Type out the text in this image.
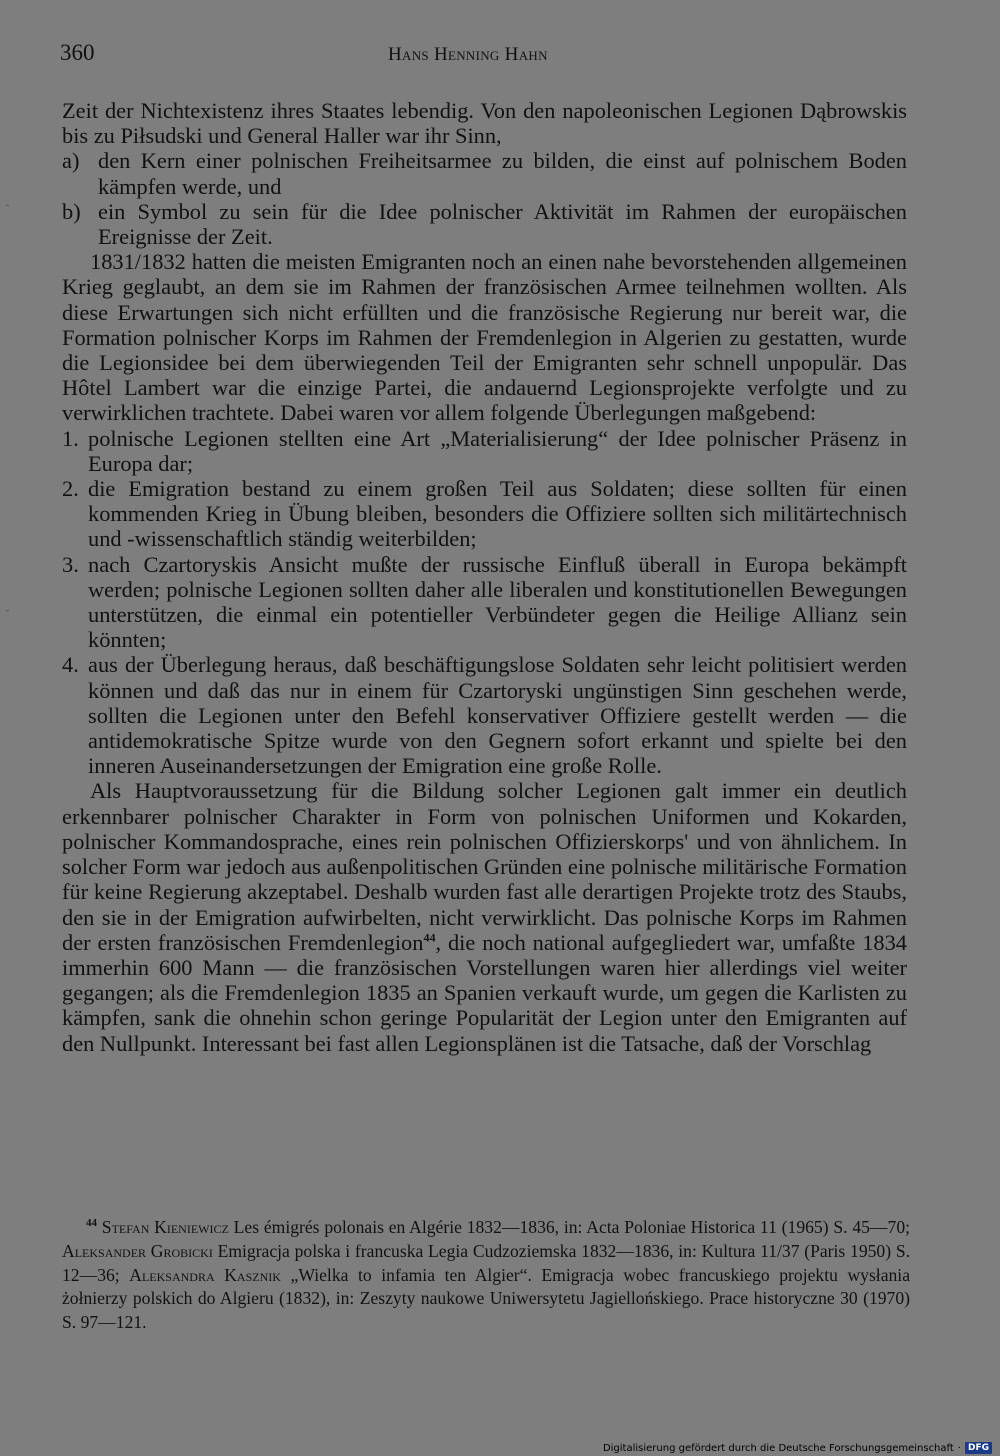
360	Hans Henning Hahn

Zeit der Nichtexistenz ihres Staates lebendig. Von den napoleonischen Legionen Dąbrowskis bis zu Piłsudski und General Haller war ihr Sinn,

a) den Kern einer polnischen Freiheitsarmee zu bilden, die einst auf polnischem Boden kämpfen werde, und
b) ein Symbol zu sein für die Idee polnischer Aktivität im Rahmen der europäischen Ereignisse der Zeit.

1831/1832 hatten die meisten Emigranten noch an einen nahe bevorstehenden allgemeinen Krieg geglaubt, an dem sie im Rahmen der französischen Armee teilnehmen wollten. Als diese Erwartungen sich nicht erfüllten und die französische Regierung nur bereit war, die Formation polnischer Korps im Rahmen der Fremdenlegion in Algerien zu gestatten, wurde die Legionsidee bei dem überwiegenden Teil der Emigranten sehr schnell unpopulär. Das Hôtel Lambert war die einzige Partei, die andauernd Legionsprojekte verfolgte und zu verwirklichen trachtete. Dabei waren vor allem folgende Überlegungen maßgebend:

1. polnische Legionen stellten eine Art „Materialisierung“ der Idee polnischer Präsenz in Europa dar;
2. die Emigration bestand zu einem großen Teil aus Soldaten; diese sollten für einen kommenden Krieg in Übung bleiben, besonders die Offiziere sollten sich militärtechnisch und -wissenschaftlich ständig weiterbilden;
3. nach Czartoryskis Ansicht mußte der russische Einfluß überall in Europa bekämpft werden; polnische Legionen sollten daher alle liberalen und konstitutionellen Bewegungen unterstützen, die einmal ein potentieller Verbündeter gegen die Heilige Allianz sein könnten;
4. aus der Überlegung heraus, daß beschäftigungslose Soldaten sehr leicht politisiert werden können und daß das nur in einem für Czartoryski ungünstigen Sinn geschehen werde, sollten die Legionen unter den Befehl konservativer Offiziere gestellt werden — die antidemokratische Spitze wurde von den Gegnern sofort erkannt und spielte bei den inneren Auseinandersetzungen der Emigration eine große Rolle.

Als Hauptvoraussetzung für die Bildung solcher Legionen galt immer ein deutlich erkennbarer polnischer Charakter in Form von polnischen Uniformen und Kokarden, polnischer Kommandosprache, eines rein polnischen Offizierskorps' und von ähnlichem. In solcher Form war jedoch aus außenpolitischen Gründen eine polnische militärische Formation für keine Regierung akzeptabel. Deshalb wurden fast alle derartigen Projekte trotz des Staubs, den sie in der Emigration aufwirbelten, nicht verwirklicht. Das polnische Korps im Rahmen der ersten französischen Fremdenlegion$^{44}$, die noch national aufgegliedert war, umfaßte 1834 immerhin 600 Mann — die französischen Vorstellungen waren hier allerdings viel weiter gegangen; als die Fremdenlegion 1835 an Spanien verkauft wurde, um gegen die Karlisten zu kämpfen, sank die ohnehin schon geringe Popularität der Legion unter den Emigranten auf den Nullpunkt. Interessant bei fast allen Legionsplänen ist die Tatsache, daß der Vorschlag

$^{44}$ Stefan Kieniewicz Les émigrés polonais en Algérie 1832—1836, in: Acta Poloniae Historica 11 (1965) S. 45—70; Aleksander Grobicki Emigracja polska i francuska Legia Cudzoziemska 1832—1836, in: Kultura 11/37 (Paris 1950) S. 12—36; Aleksandra Kasznik „Wielka to infamia ten Algier“. Emigracja wobec francuskiego projektu wysłania żołnierzy polskich do Algieru (1832), in: Zeszyty naukowe Uniwersytetu Jagiellońskiego. Prace historyczne 30 (1970) S. 97—121.

Digitalisierung gefördert durch die Deutsche Forschungsgemeinschaft · DFG
